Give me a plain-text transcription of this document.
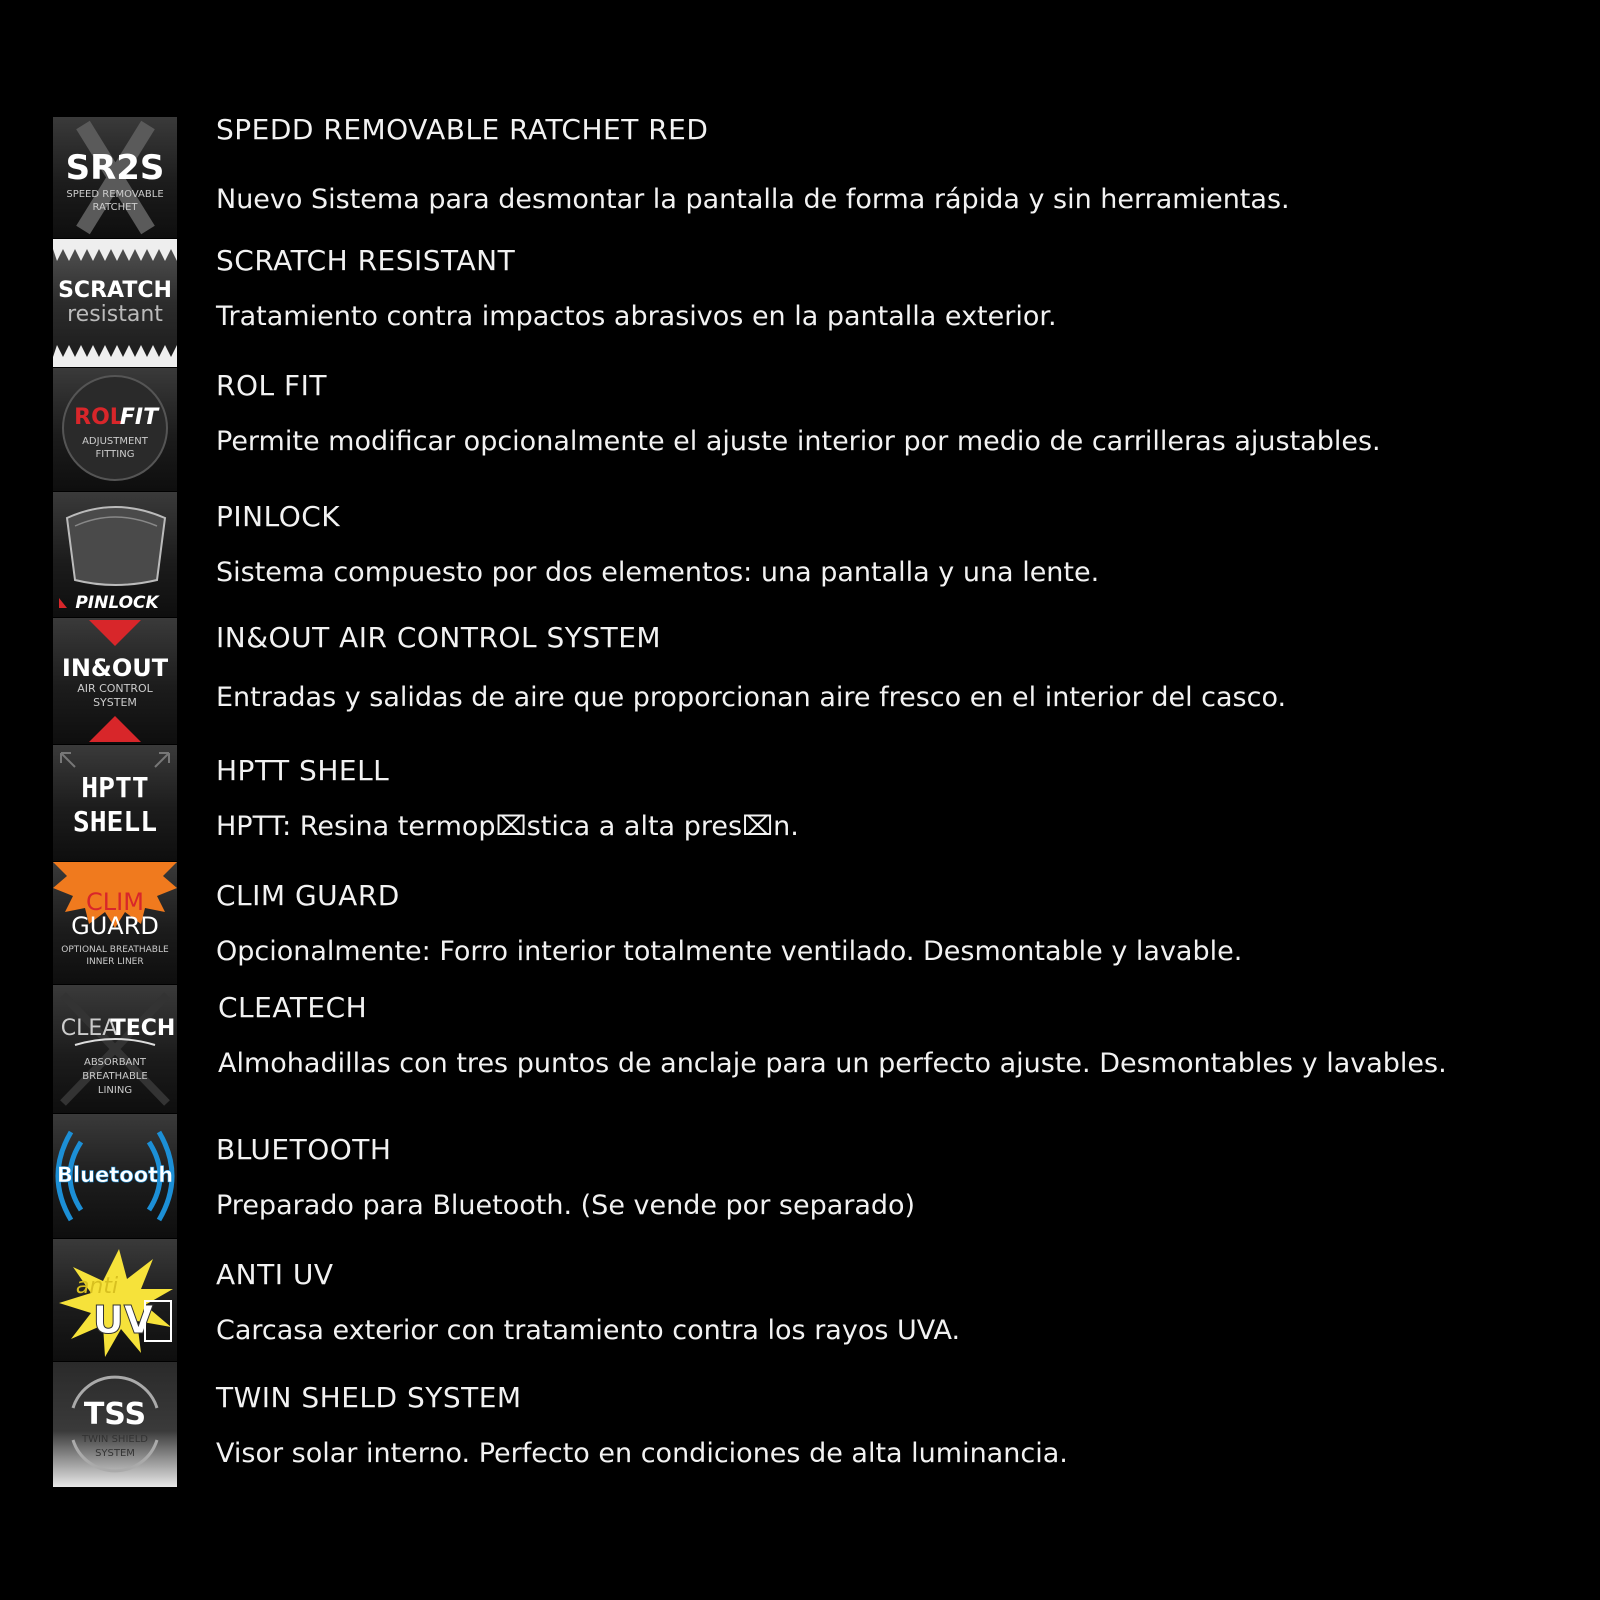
SR2S
SPEED REMOVABLE
RATCHET
SCRATCH
resistant
ROL
FIT
ADJUSTMENT
FITTING
PINLOCK
IN&OUT
AIR CONTROL
SYSTEM
HPTT
SHELL
CLIM
GUARD
OPTIONAL BREATHABLE
INNER LINER
CLEA
TECH
ABSORBANT
BREATHABLE
LINING
Bluetooth
anti
UV
TSS
TWIN SHIELD
SYSTEM
SPEDD REMOVABLE RATCHET RED
Nuevo Sistema para desmontar la pantalla de forma rápida y sin herramientas.
SCRATCH RESISTANT
Tratamiento contra impactos abrasivos en la pantalla exterior.
ROL FIT
Permite modificar opcionalmente el ajuste interior por medio de carrilleras ajustables.
PINLOCK
Sistema compuesto por dos elementos: una pantalla y una lente.
IN&OUT AIR CONTROL SYSTEM
Entradas y salidas de aire que proporcionan aire fresco en el interior del casco.
HPTT SHELL
HPTT: Resina termop⌧stica a alta pres⌧n.
CLIM GUARD
Opcionalmente: Forro interior totalmente ventilado. Desmontable y lavable.
CLEATECH
Almohadillas con tres puntos de anclaje para un perfecto ajuste. Desmontables y lavables.
BLUETOOTH
Preparado para Bluetooth. (Se vende por separado)
ANTI UV
Carcasa exterior con tratamiento contra los rayos UVA.
TWIN SHELD SYSTEM
Visor solar interno. Perfecto en condiciones de alta luminancia.
